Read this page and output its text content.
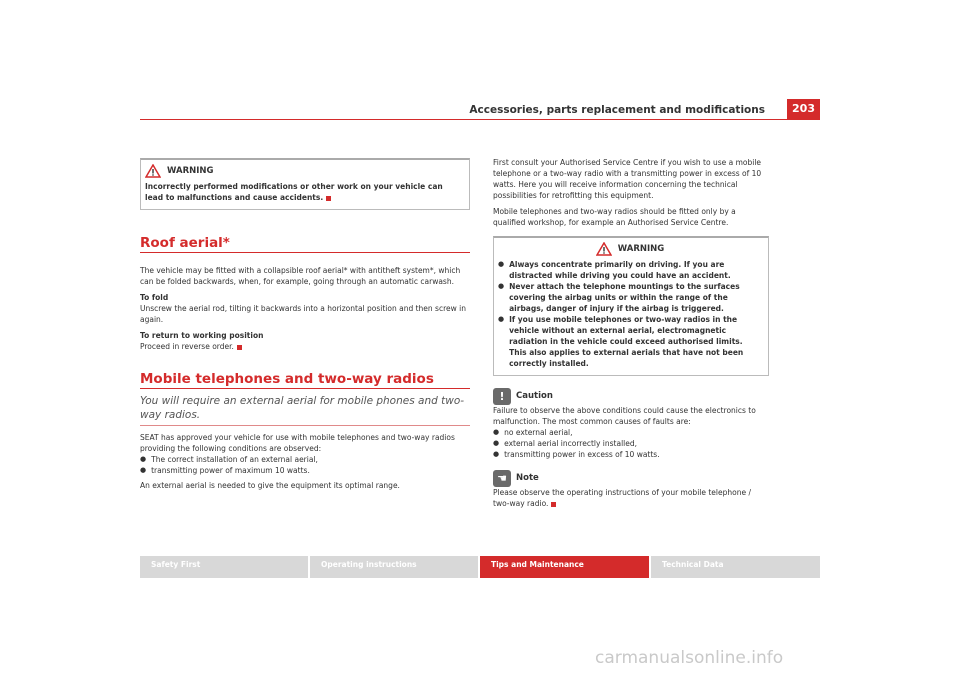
Accessories, parts replacement and modifications	203
WARNING
Incorrectly performed modifications or other work on your vehicle can lead to malfunctions and cause accidents.
Roof aerial*

The vehicle may be fitted with a collapsible roof aerial* with antitheft system*, which can be folded backwards, when, for example, going through an automatic carwash.

To fold

Unscrew the aerial rod, tilting it backwards into a horizontal position and then screw in again.

To return to working position

Proceed in reverse order.

Mobile telephones and two-way radios
You will require an external aerial for mobile phones and two-way radios.

SEAT has approved your vehicle for use with mobile telephones and two-way radios providing the following conditions are observed:

● The correct installation of an external aerial,
● transmitting power of maximum 10 watts.

An external aerial is needed to give the equipment its optimal range.

First consult your Authorised Service Centre if you wish to use a mobile telephone or a two-way radio with a transmitting power in excess of 10 watts. Here you will receive information concerning the technical possibilities for retrofitting this equipment.

Mobile telephones and two-way radios should be fitted only by a qualified workshop, for example an Authorised Service Centre.

WARNING
● Always concentrate primarily on driving. If you are distracted while driving you could have an accident.
● Never attach the telephone mountings to the surfaces covering the airbag units or within the range of the airbags, danger of injury if the airbag is triggered.
● If you use mobile telephones or two-way radios in the vehicle without an external aerial, electromagnetic radiation in the vehicle could exceed authorised limits. This also applies to external aerials that have not been correctly installed.
!	Caution

Failure to observe the above conditions could cause the electronics to malfunction. The most common causes of faults are:

● no external aerial,
● external aerial incorrectly installed,
● transmitting power in excess of 10 watts.
☚	Note

Please observe the operating instructions of your mobile telephone / two-way radio.

Safety First	Operating instructions	Tips and Maintenance	Technical Data
carmanualsonline.info
